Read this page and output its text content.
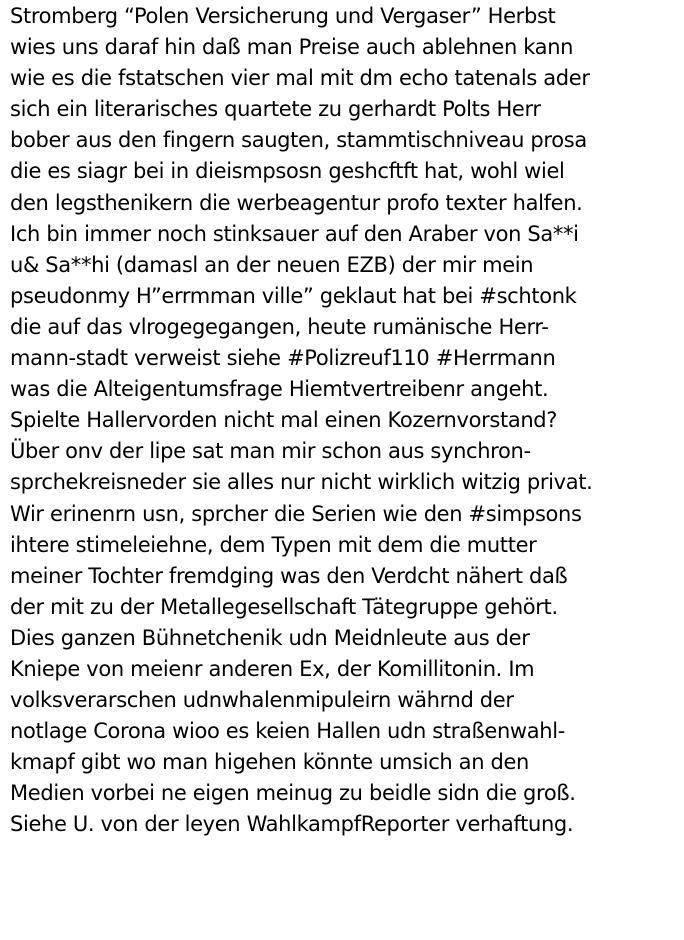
Stromberg “Polen Versicherung und Vergaser” Herbst
wies uns daraf hin daß man Preise auch ablehnen kann
wie es die fstatschen vier mal mit dm echo tatenals ader
sich ein literarisches quartete zu gerhardt Polts Herr
bober aus den fingern saugten, stammtischniveau prosa
die es siagr bei in dieismpsosn geshcftft hat, wohl wiel
den legsthenikern die werbeagentur profo texter halfen.
Ich bin immer noch stinksauer auf den Araber von Sa**i
u& Sa**hi (damasl an der neuen EZB) der mir mein
pseudonmy H”errmman ville” geklaut hat bei #schtonk
die auf das vlrogegegangen, heute rumänische Herr-
mann-stadt verweist siehe #Polizreuf110 #Herrmann
was die Alteigentumsfrage Hiemtvertreibenr angeht.
Spielte Hallervorden nicht mal einen Kozernvorstand?
Über onv der lipe sat man mir schon aus synchron-
sprchekreisneder sie alles nur nicht wirklich witzig privat.
Wir erinenrn usn, sprcher die Serien wie den #simpsons
ihtere stimeleiehne, dem Typen mit dem die mutter
meiner Tochter fremdging was den Verdcht nähert daß
der mit zu der Metallegesellschaft Tätegruppe gehört.
Dies ganzen Bühnetchenik udn Meidnleute aus der
Kniepe von meienr anderen Ex, der Komillitonin. Im
volksverarschen udnwhalenmipuleirn währnd der
notlage Corona wioo es keien Hallen udn straßenwahl-
kmapf gibt wo man higehen könnte umsich an den
Medien vorbei ne eigen meinug zu beidle sidn die groß.
Siehe U. von der leyen WahlkampfReporter verhaftung.
